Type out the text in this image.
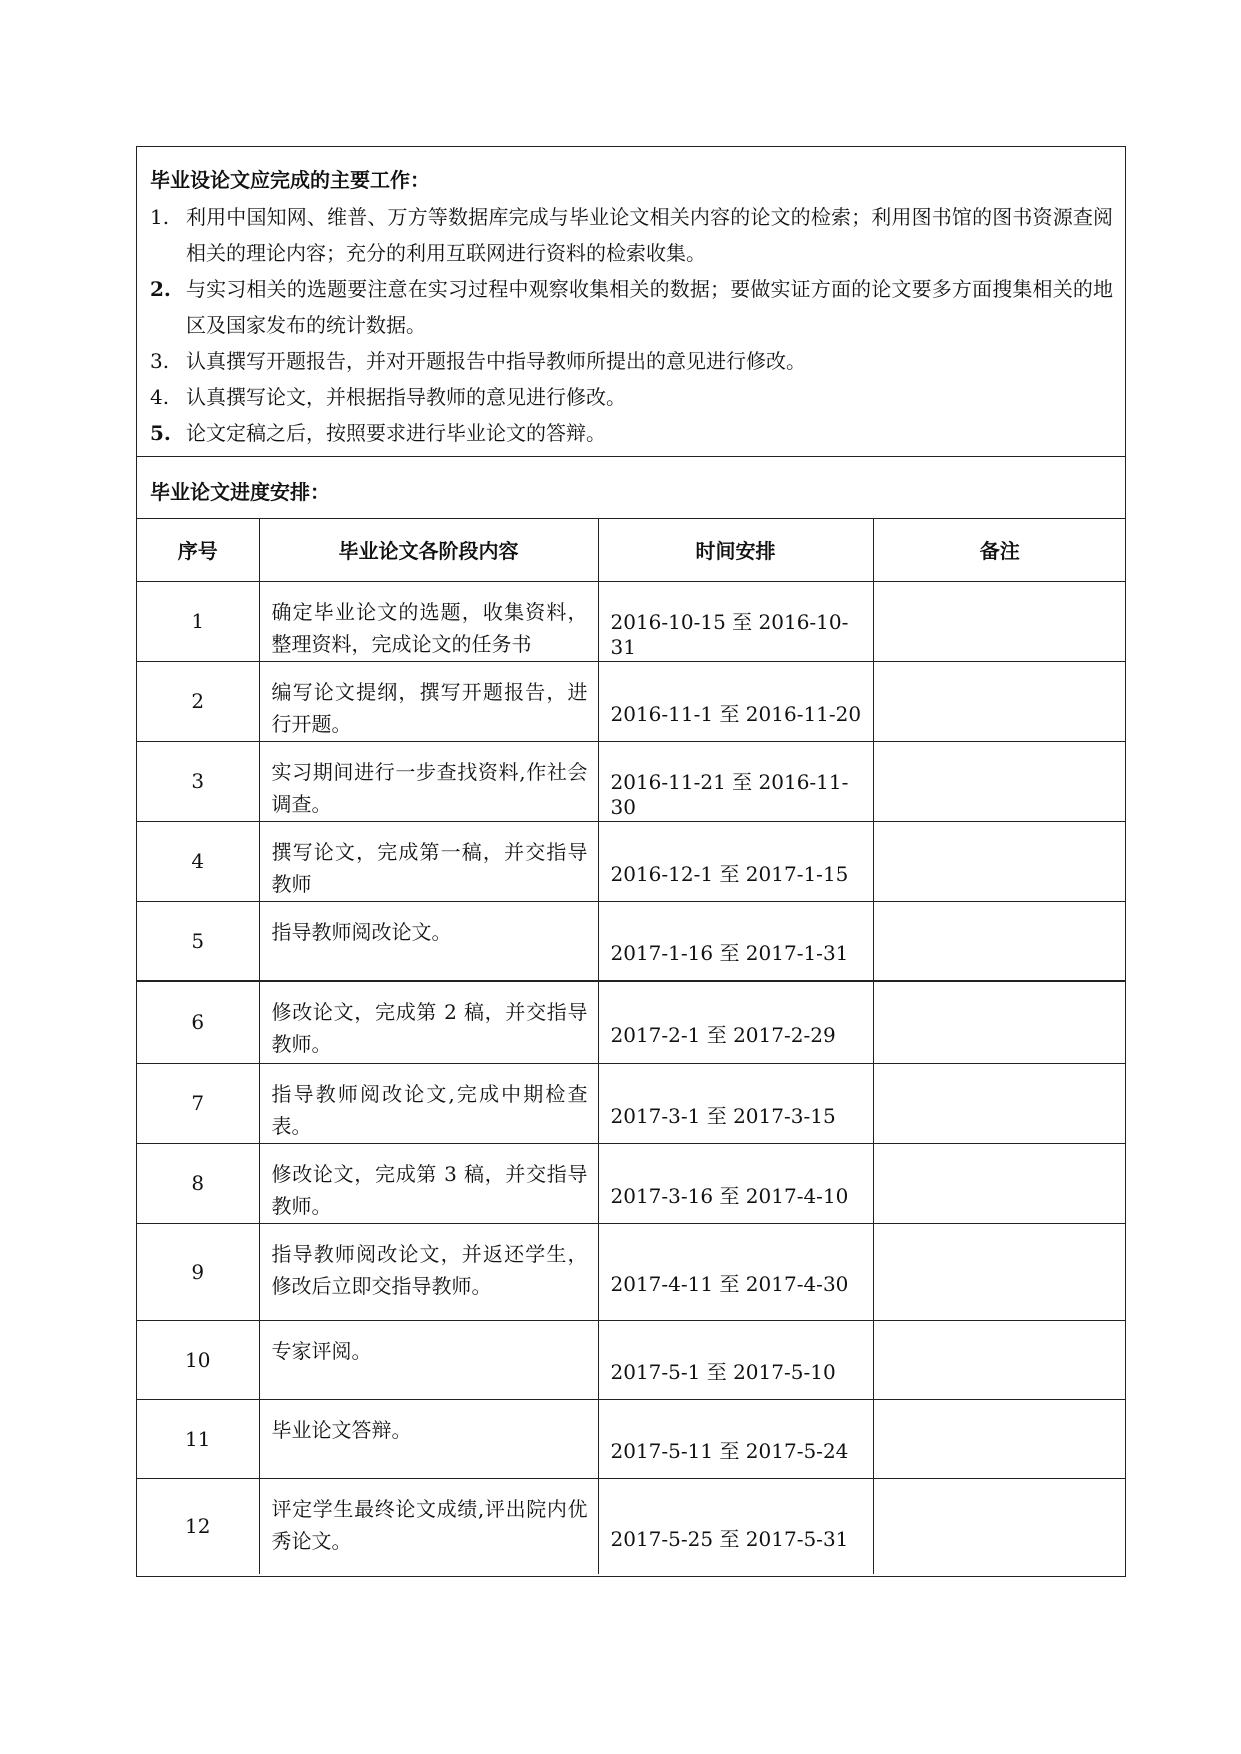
毕业设论文应完成的主要工作：
1. 利用中国知网、维普、万方等数据库完成与毕业论文相关内容的论文的检索；利用图书馆的图书资源查阅相关的理论内容；充分的利用互联网进行资料的检索收集。
2. 与实习相关的选题要注意在实习过程中观察收集相关的数据；要做实证方面的论文要多方面搜集相关的地区及国家发布的统计数据。
3. 认真撰写开题报告，并对开题报告中指导教师所提出的意见进行修改。
4. 认真撰写论文，并根据指导教师的意见进行修改。
5. 论文定稿之后，按照要求进行毕业论文的答辩。
毕业论文进度安排：
序号	毕业论文各阶段内容	时间安排	备注
1	确定毕业论文的选题，收集资料，整理资料，完成论文的任务书	2016-10-15 至 2016-10-31	
2	编写论文提纲，撰写开题报告，进行开题。	2016-11-1 至 2016-11-20	
3	实习期间进行一步查找资料,作社会调查。	2016-11-21 至 2016-11-30	
4	撰写论文，完成第一稿，并交指导教师	2016-12-1 至 2017-1-15	
5	指导教师阅改论文。	2017-1-16 至 2017-1-31	
6	修改论文，完成第 2 稿，并交指导教师。	2017-2-1 至 2017-2-29	
7	指导教师阅改论文,完成中期检查表。	2017-3-1 至 2017-3-15	
8	修改论文，完成第 3 稿，并交指导教师。	2017-3-16 至 2017-4-10	
9	指导教师阅改论文，并返还学生，修改后立即交指导教师。	2017-4-11 至 2017-4-30	
10	专家评阅。	2017-5-1 至 2017-5-10	
11	毕业论文答辩。	2017-5-11 至 2017-5-24	
12	评定学生最终论文成绩,评出院内优秀论文。	2017-5-25 至 2017-5-31	
